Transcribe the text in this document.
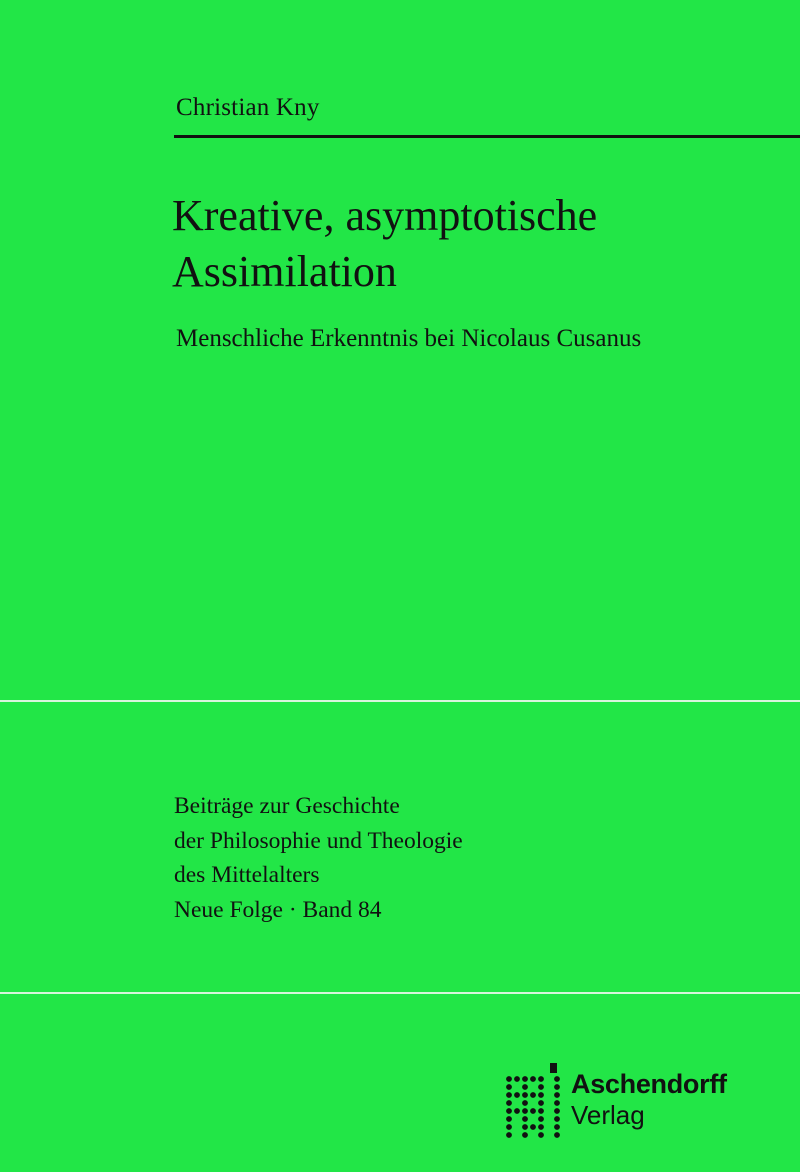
Christian Kny
Kreative, asymptotische
Assimilation
Menschliche Erkenntnis bei Nicolaus Cusanus
Beiträge zur Geschichte
der Philosophie und Theologie
des Mittelalters
Neue Folge · Band 84
Aschendorff
Verlag
